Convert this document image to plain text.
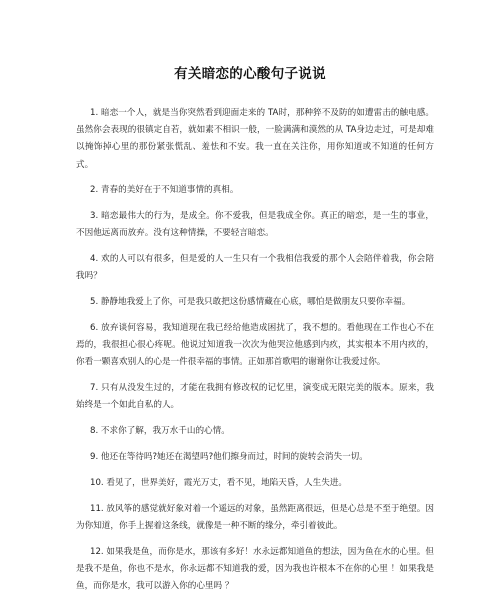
有关暗恋的心酸句子说说

1. 暗恋一个人，就是当你突然看到迎面走来的 TA时，那种猝不及防的如遭雷击的触电感。虽然你会表现的很镇定自若，就如素不相识一般，一脸满满和漠然的从 TA身边走过，可是却难以掩饰掉心里的那份紧张慌乱、羞怯和不安。我一直在关注你，用你知道或不知道的任何方式。

2. 青春的美好在于不知道事情的真相。

3. 暗恋最伟大的行为，是成全。你不爱我，但是我成全你。真正的暗恋，是一生的事业，不因他远离而放弃。没有这种情操，不要轻言暗恋。

4. 欢的人可以有很多，但是爱的人一生只有一个我相信我爱的那个人会陪伴着我，你会陪我吗？

5. 静静地我爱上了你，可是我只敢把这份感情藏在心底，哪怕是做朋友只要你幸福。

6. 放弃谈何容易，我知道现在我已经给他造成困扰了，我不想的。看他现在工作也心不在焉的，我很担心很心疼呢。他说过知道我一次次为他哭泣他感到内疚，其实根本不用内疚的，你看一颗喜欢别人的心是一件很幸福的事情。正如那首歌唱的谢谢你让我爱过你。

7. 只有从没发生过的，才能在我拥有修改权的记忆里，演变成无限完美的版本。原来，我始终是一个如此自私的人。

8. 不求你了解，我万水千山的心情。

9. 他还在等待吗?她还在渴望吗?他们擦身而过，时间的旋转会消失一切。

10. 看见了，世界美好，霞光万丈，看不见，地陷天昏，人生失进。

11. 放风筝的感觉就好象对着一个遥远的对象，虽然距离很远，但是心总是不至于绝望。因为你知道，你手上握着这条线，就像是一种不断的缘分，牵引着彼此。

12. 如果我是鱼，而你是水，那该有多好！水永远都知道鱼的想法，因为鱼在水的心里。但是我不是鱼，你也不是水，你永远都不知道我的爱，因为我也许根本不在你的心里 ！如果我是鱼，而你是水，我可以游入你的心里吗 ？
